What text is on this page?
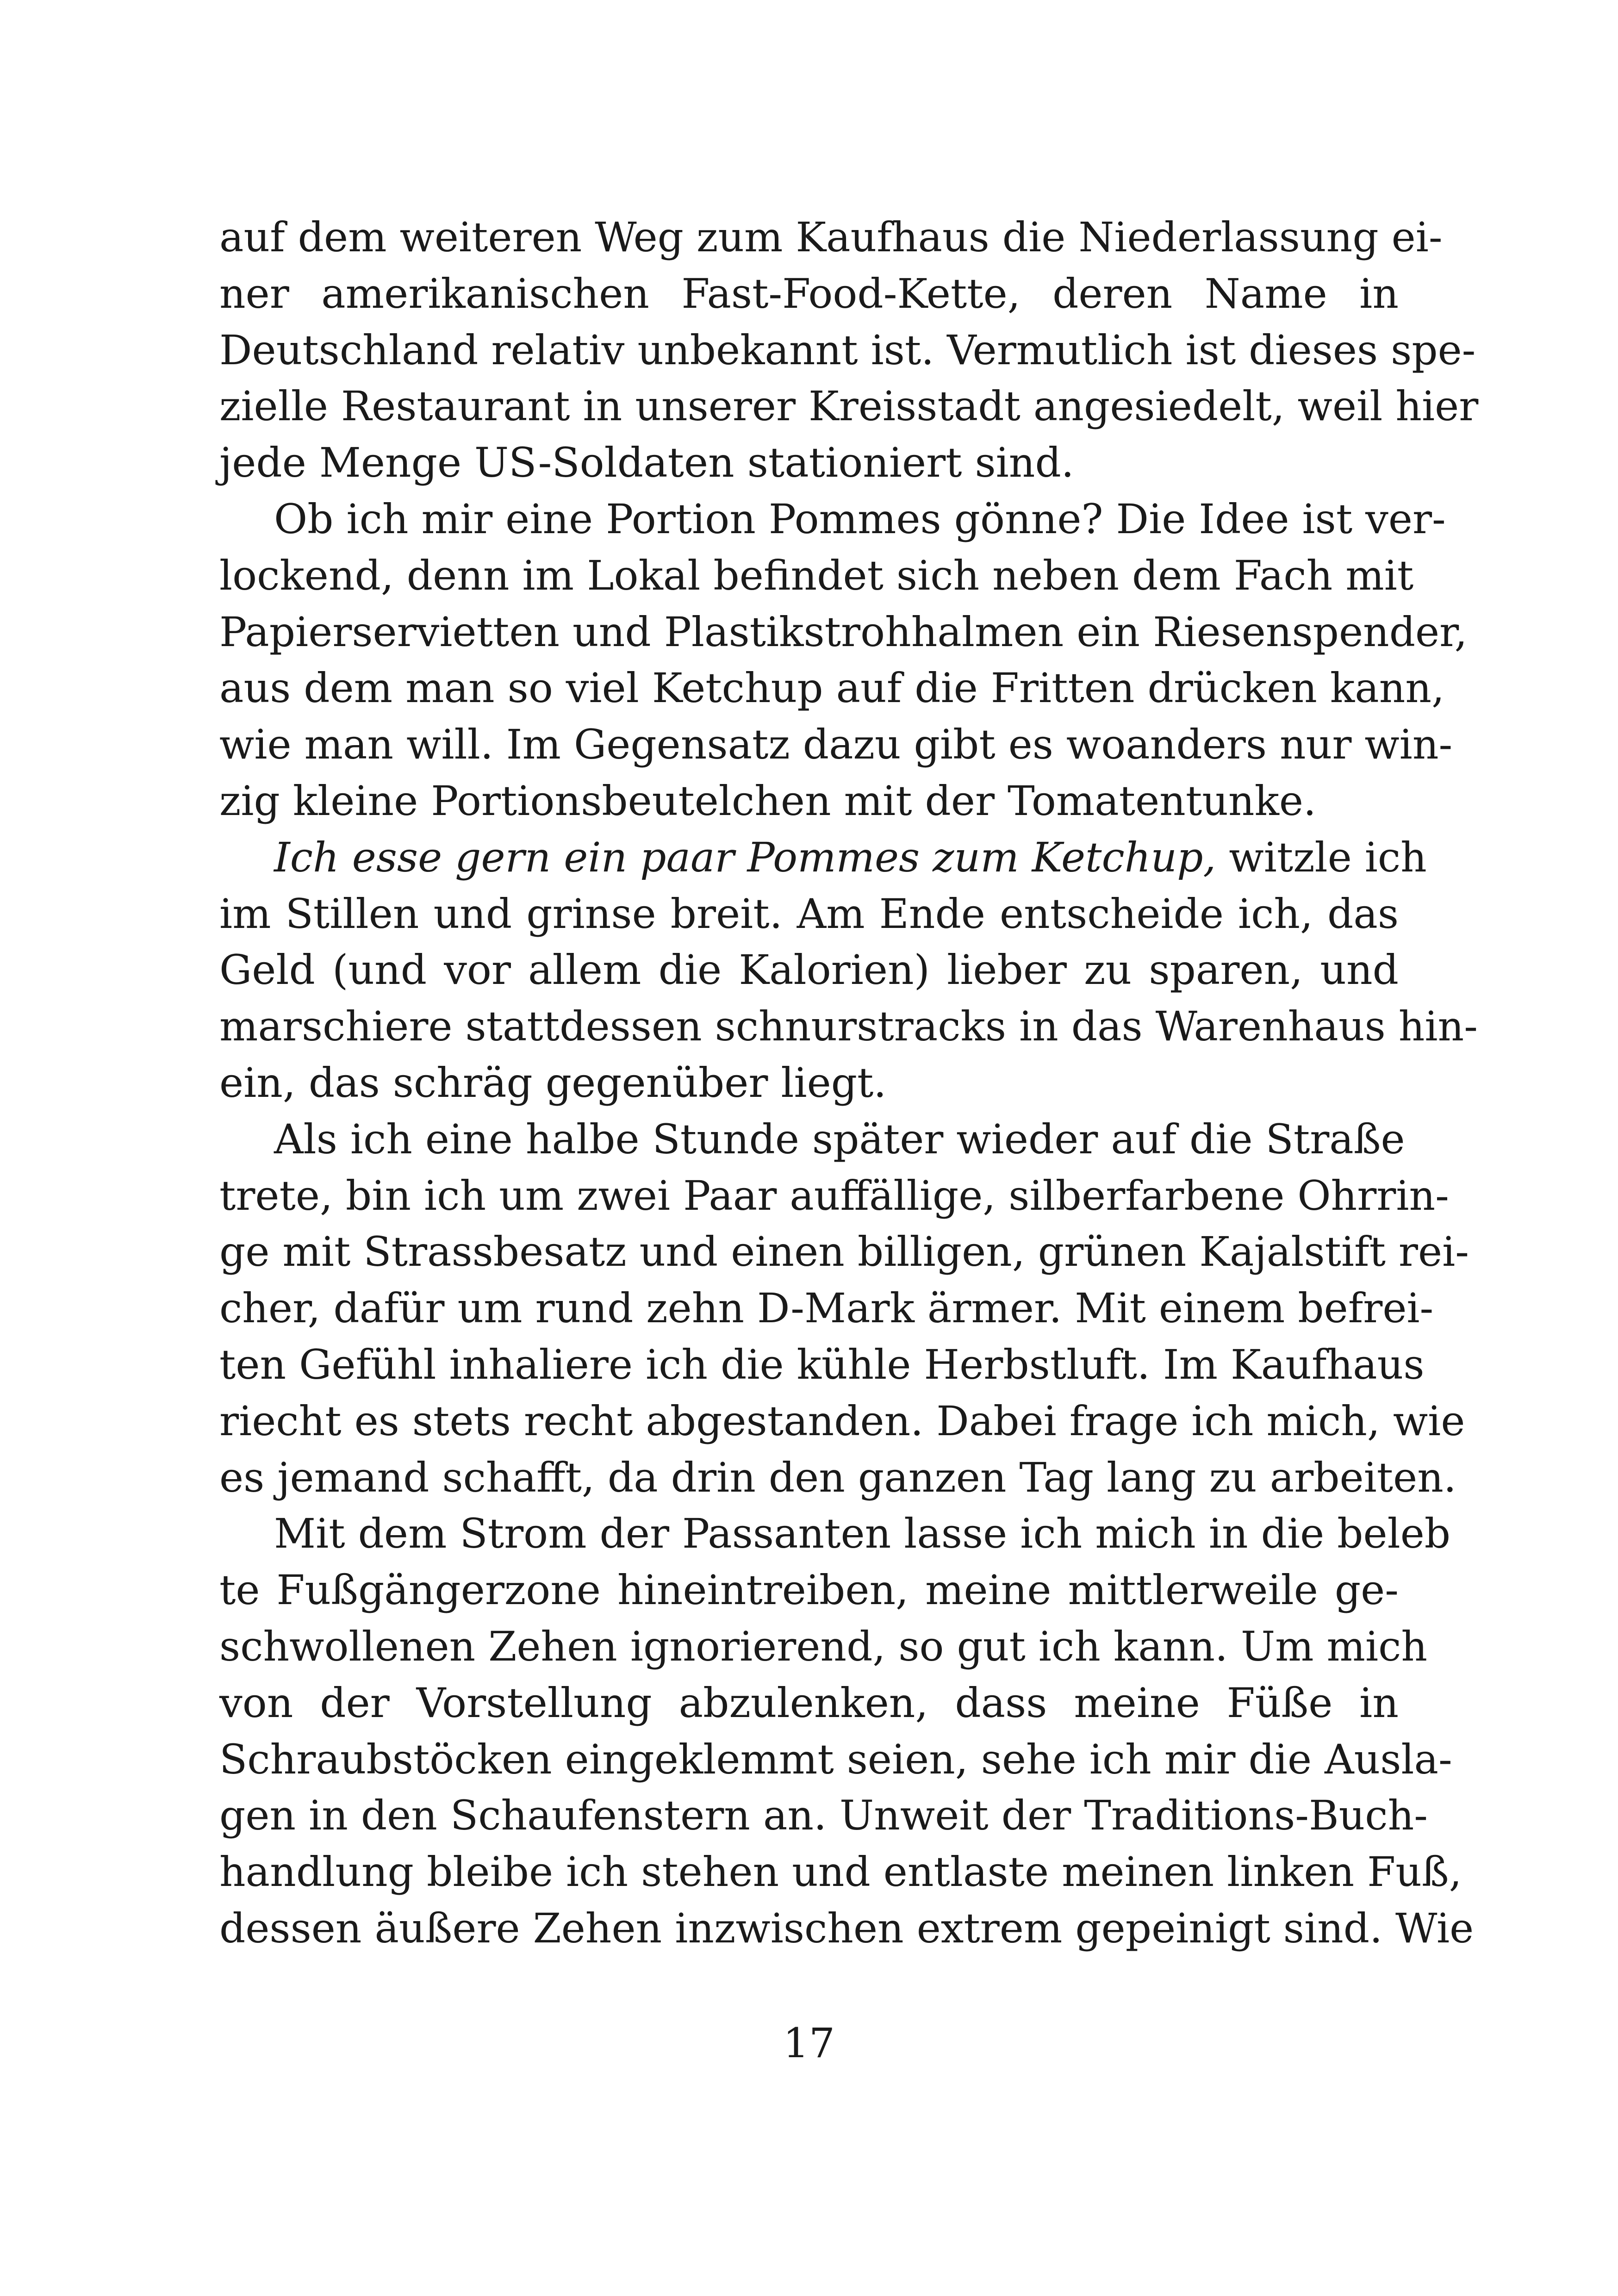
auf dem weiteren Weg zum Kaufhaus die Niederlassung ei-
ner amerikanischen Fast-Food-Kette, deren Name in
Deutschland relativ unbekannt ist. Vermutlich ist dieses spe-
zielle Restaurant in unserer Kreisstadt angesiedelt, weil hier
jede Menge US-Soldaten stationiert sind.
Ob ich mir eine Portion Pommes gönne? Die Idee ist ver-
lockend, denn im Lokal befindet sich neben dem Fach mit
Papierservietten und Plastikstrohhalmen ein Riesenspender,
aus dem man so viel Ketchup auf die Fritten drücken kann,
wie man will. Im Gegensatz dazu gibt es woanders nur win-
zig kleine Portionsbeutelchen mit der Tomatentunke.
Ich esse gern ein paar Pommes zum Ketchup, witzle ich
im Stillen und grinse breit. Am Ende entscheide ich, das
Geld (und vor allem die Kalorien) lieber zu sparen, und
marschiere stattdessen schnurstracks in das Warenhaus hin-
ein, das schräg gegenüber liegt.
Als ich eine halbe Stunde später wieder auf die Straße
trete, bin ich um zwei Paar auffällige, silberfarbene Ohrrin-
ge mit Strassbesatz und einen billigen, grünen Kajalstift rei-
cher, dafür um rund zehn D-Mark ärmer. Mit einem befrei-
ten Gefühl inhaliere ich die kühle Herbstluft. Im Kaufhaus
riecht es stets recht abgestanden. Dabei frage ich mich, wie
es jemand schafft, da drin den ganzen Tag lang zu arbeiten.
Mit dem Strom der Passanten lasse ich mich in die beleb
te Fußgängerzone hineintreiben, meine mittlerweile ge-
schwollenen Zehen ignorierend, so gut ich kann. Um mich
von der Vorstellung abzulenken, dass meine Füße in
Schraubstöcken eingeklemmt seien, sehe ich mir die Ausla-
gen in den Schaufenstern an. Unweit der Traditions-Buch-
handlung bleibe ich stehen und entlaste meinen linken Fuß,
dessen äußere Zehen inzwischen extrem gepeinigt sind. Wie
17
